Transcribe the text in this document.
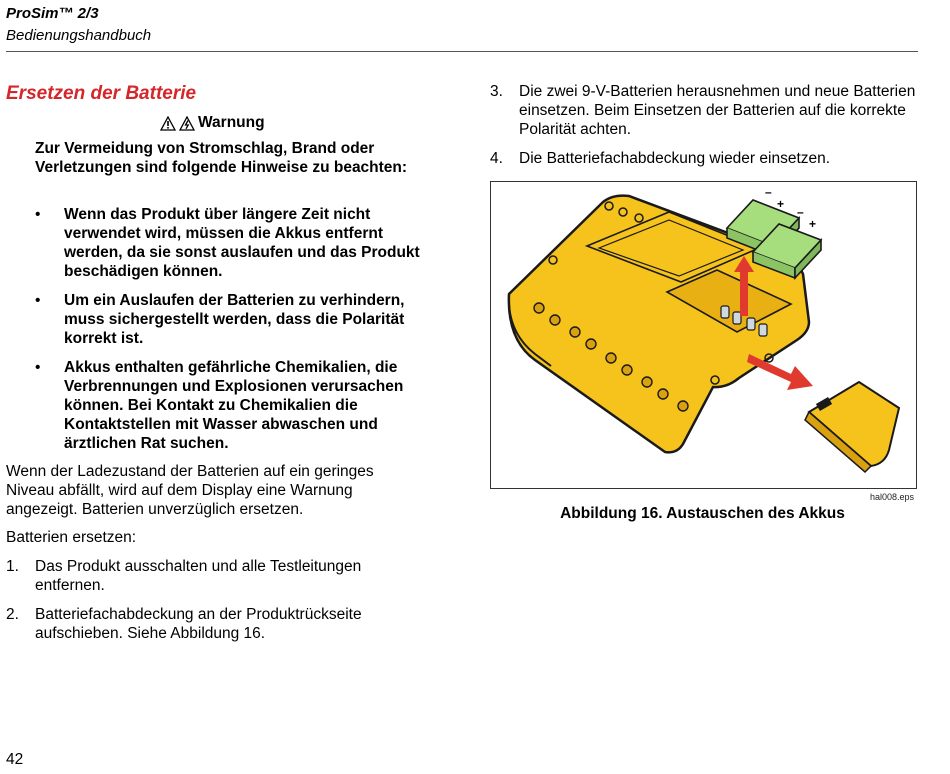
ProSim™ 2/3
Bedienungshandbuch
Ersetzen der Batterie
Warnung
Zur Vermeidung von Stromschlag, Brand oder Verletzungen sind folgende Hinweise zu beachten:
• Wenn das Produkt über längere Zeit nicht verwendet wird, müssen die Akkus entfernt werden, da sie sonst auslaufen und das Produkt beschädigen können.
• Um ein Auslaufen der Batterien zu verhindern, muss sichergestellt werden, dass die Polarität korrekt ist.
• Akkus enthalten gefährliche Chemikalien, die Verbrennungen und Explosionen verursachen können. Bei Kontakt zu Chemikalien die Kontaktstellen mit Wasser abwaschen und ärztlichen Rat suchen.
Wenn der Ladezustand der Batterien auf ein geringes Niveau abfällt, wird auf dem Display eine Warnung angezeigt. Batterien unverzüglich ersetzen.
Batterien ersetzen:
1. Das Produkt ausschalten und alle Testleitungen entfernen.
2. Batteriefachabdeckung an der Produktrückseite aufschieben. Siehe Abbildung 16.
3. Die zwei 9-V-Batterien herausnehmen und neue Batterien einsetzen. Beim Einsetzen der Batterien auf die korrekte Polarität achten.
4. Die Batteriefachabdeckung wieder einsetzen.
–
+
–
+
hal008.eps
Abbildung 16. Austauschen des Akkus
42
